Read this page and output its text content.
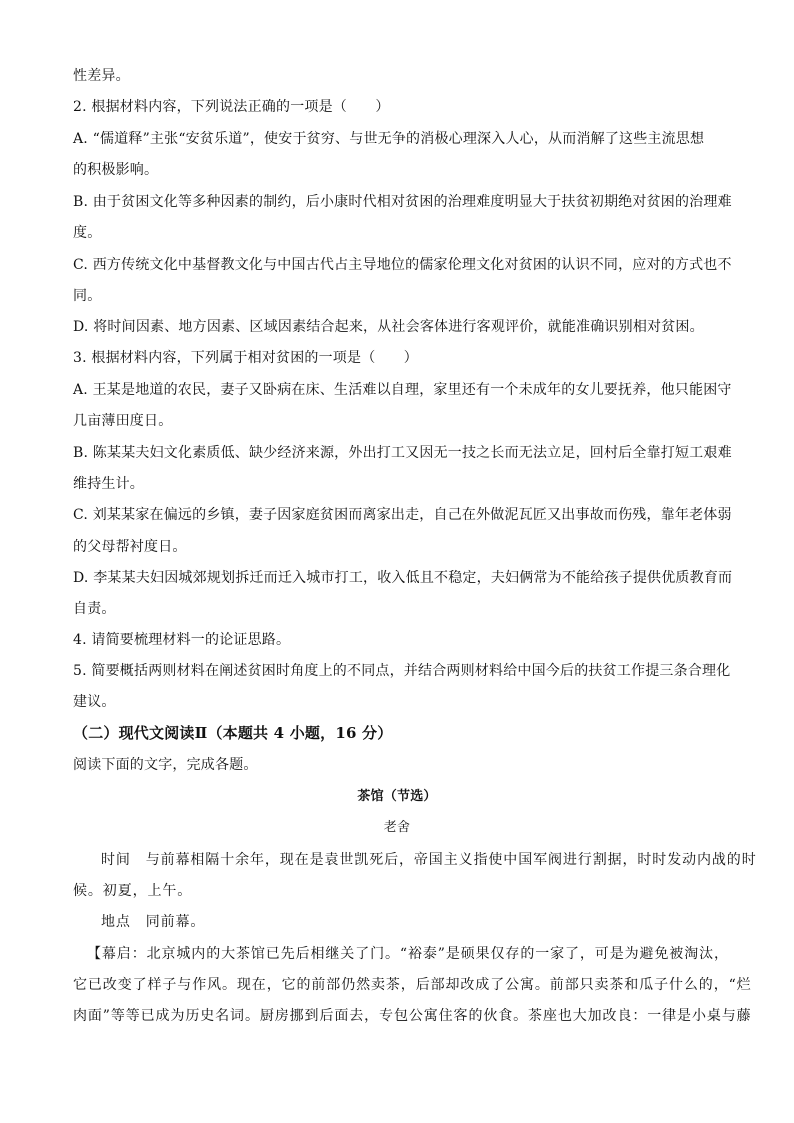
性差异。
2. 根据材料内容，下列说法正确的一项是（　　）
A. “儒道释”主张“安贫乐道”，使安于贫穷、与世无争的消极心理深入人心，从而消解了这些主流思想
的积极影响。
B. 由于贫困文化等多种因素的制约，后小康时代相对贫困的治理难度明显大于扶贫初期绝对贫困的治理难
度。
C. 西方传统文化中基督教文化与中国古代占主导地位的儒家伦理文化对贫困的认识不同，应对的方式也不
同。
D. 将时间因素、地方因素、区域因素结合起来，从社会客体进行客观评价，就能准确识别相对贫困。
3. 根据材料内容，下列属于相对贫困的一项是（　　）
A. 王某是地道的农民，妻子又卧病在床、生活难以自理，家里还有一个未成年的女儿要抚养，他只能困守
几亩薄田度日。
B. 陈某某夫妇文化素质低、缺少经济来源，外出打工又因无一技之长而无法立足，回村后全靠打短工艰难
维持生计。
C. 刘某某家在偏远的乡镇，妻子因家庭贫困而离家出走，自己在外做泥瓦匠又出事故而伤残，靠年老体弱
的父母帮衬度日。
D. 李某某夫妇因城郊规划拆迁而迁入城市打工，收入低且不稳定，夫妇俩常为不能给孩子提供优质教育而
自责。
4. 请简要梳理材料一的论证思路。
5. 简要概括两则材料在阐述贫困时角度上的不同点，并结合两则材料给中国今后的扶贫工作提三条合理化
建议。
（二）现代文阅读Ⅱ（本题共 4 小题，16 分）
阅读下面的文字，完成各题。
茶馆（节选）
老舍
时间　与前幕相隔十余年，现在是袁世凯死后，帝国主义指使中国军阀进行割据，时时发动内战的时
候。初夏，上午。
地点　同前幕。
【幕启：北京城内的大茶馆已先后相继关了门。“裕泰”是硕果仅存的一家了，可是为避免被淘汰，
它已改变了样子与作风。现在，它的前部仍然卖茶，后部却改成了公寓。前部只卖茶和瓜子什么的，“烂
肉面”等等已成为历史名词。厨房挪到后面去，专包公寓住客的伙食。茶座也大加改良：一律是小桌与藤
